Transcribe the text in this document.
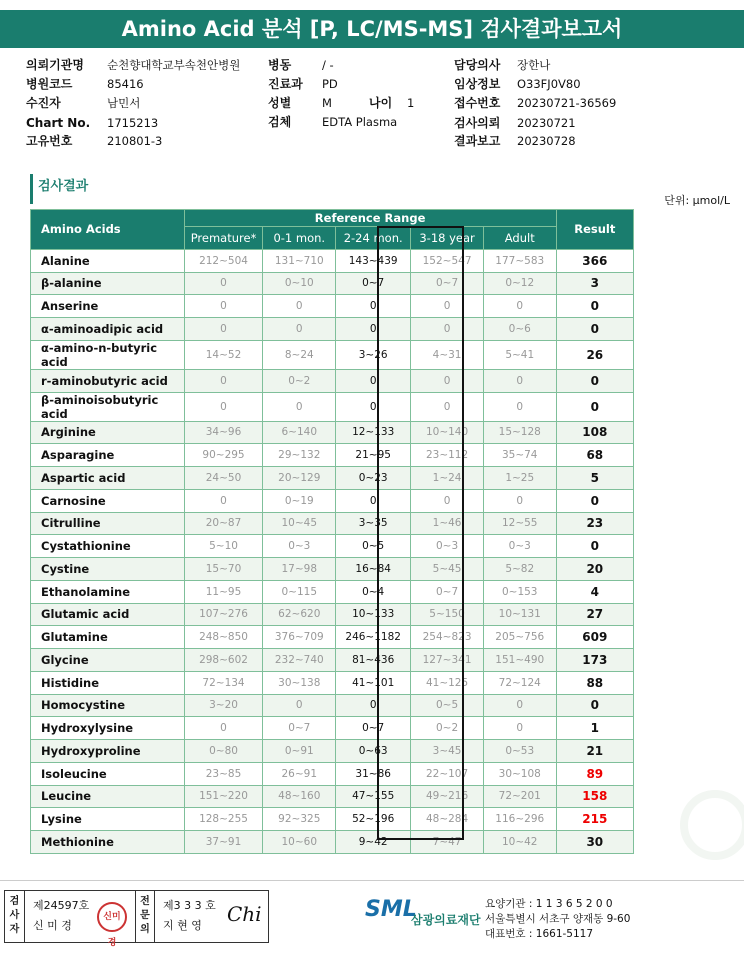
Amino Acid 분석 [P, LC/MS-MS] 검사결과보고서
의뢰기관명 순천향대학교부속천안병원
병원코드	85416
수진자	남민서
Chart No. 1715213
고유번호	210801-3
병동	/ -
진료과 PD
성별	M	나이 1
검체	EDTA Plasma
담당의사 장한나
임상정보 O33FJ0V80
접수번호 20230721-36569
검사의뢰 20230721
결과보고 20230728
검사결과
단위: μmol/L
Amino Acids	Reference Range					Result
	Premature*	0-1 mon.	2-24 mon.	3-18 year	Adult	
Alanine	212~504	131~710	143~439	152~547	177~583	366
β-alanine	0	0~10	0~7	0~7	0~12	3
Anserine	0	0	0	0	0	0
α-aminoadipic acid	0	0	0	0	0~6	0
α-amino-n-butyric acid	14~52	8~24	3~26	4~31	5~41	26
r-aminobutyric acid	0	0~2	0	0	0	0
β-aminoisobutyric acid	0	0	0	0	0	0
Arginine	34~96	6~140	12~133	10~140	15~128	108
Asparagine	90~295	29~132	21~95	23~112	35~74	68
Aspartic acid	24~50	20~129	0~23	1~24	1~25	5
Carnosine	0	0~19	0	0	0	0
Citrulline	20~87	10~45	3~35	1~46	12~55	23
Cystathionine	5~10	0~3	0~5	0~3	0~3	0
Cystine	15~70	17~98	16~84	5~45	5~82	20
Ethanolamine	11~95	0~115	0~4	0~7	0~153	4
Glutamic acid	107~276	62~620	10~133	5~150	10~131	27
Glutamine	248~850	376~709	246~1182	254~823	205~756	609
Glycine	298~602	232~740	81~436	127~341	151~490	173
Histidine	72~134	30~138	41~101	41~125	72~124	88
Homocystine	3~20	0	0	0~5	0	0
Hydroxylysine	0	0~7	0~7	0~2	0	1
Hydroxyproline	0~80	0~91	0~63	3~45	0~53	21
Isoleucine	23~85	26~91	31~86	22~107	30~108	89
Leucine	151~220	48~160	47~155	49~216	72~201	158
Lysine	128~255	92~325	52~196	48~284	116~296	215
Methionine	37~91	10~60	9~42	7~47	10~42	30
검사자
제24597호
신 미 경
전문의
제3 3 3 호
지 현 영 Chi
신미경
SML
삼광의료재단
요양기관 : 1 1 3 6 5 2 0 0
서울특별시 서초구 양재동 9-60
대표번호 : 1661-5117
